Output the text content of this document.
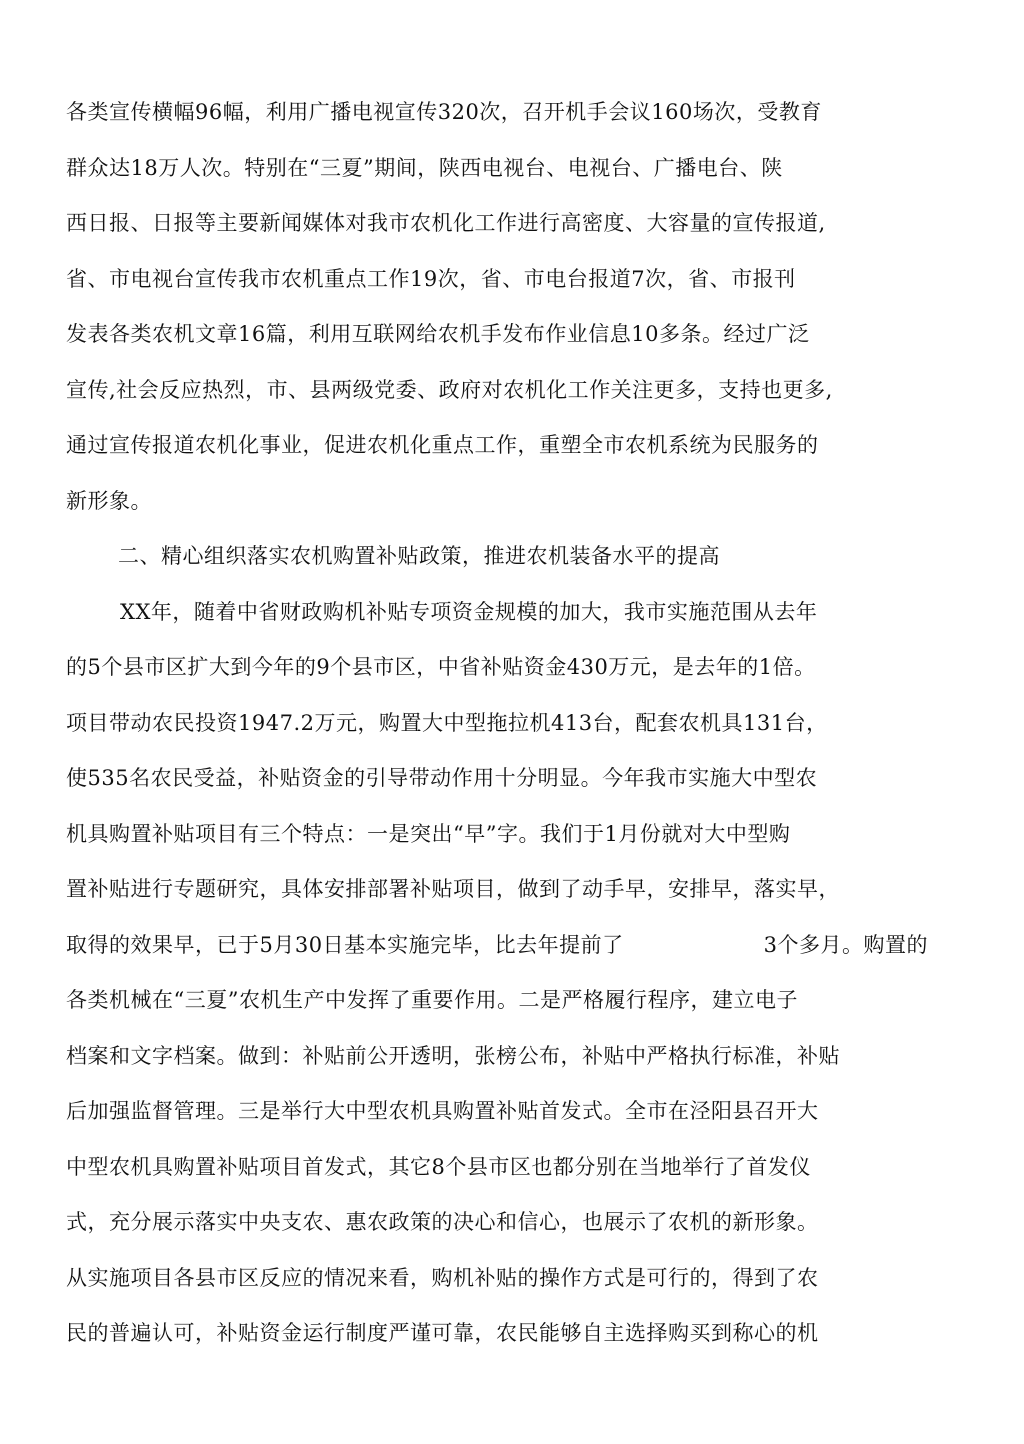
各类宣传横幅96幅，利用广播电视宣传320次，召开机手会议160场次，受教育
群众达18万人次。特别在“三夏”期间，陕西电视台、电视台、广播电台、陕
西日报、日报等主要新闻媒体对我市农机化工作进行高密度、大容量的宣传报道,
省、市电视台宣传我市农机重点工作19次，省、市电台报道7次，省、市报刊
发表各类农机文章16篇，利用互联网给农机手发布作业信息10多条。经过广泛
宣传,社会反应热烈，市、县两级党委、政府对农机化工作关注更多，支持也更多,
通过宣传报道农机化事业，促进农机化重点工作，重塑全市农机系统为民服务的
新形象。
二、精心组织落实农机购置补贴政策，推进农机装备水平的提高
XX年，随着中省财政购机补贴专项资金规模的加大，我市实施范围从去年
的5个县市区扩大到今年的9个县市区，中省补贴资金430万元，是去年的1倍。
项目带动农民投资1947.2万元，购置大中型拖拉机413台，配套农机具131台，
使535名农民受益，补贴资金的引导带动作用十分明显。今年我市实施大中型农
机具购置补贴项目有三个特点：一是突出“早”字。我们于1月份就对大中型购
置补贴进行专题研究，具体安排部署补贴项目，做到了动手早，安排早，落实早，
取得的效果早，已于5月30日基本实施完毕，比去年提前了	3个多月。购置的
各类机械在“三夏”农机生产中发挥了重要作用。二是严格履行程序，建立电子
档案和文字档案。做到：补贴前公开透明，张榜公布，补贴中严格执行标准，补贴
后加强监督管理。三是举行大中型农机具购置补贴首发式。全市在泾阳县召开大
中型农机具购置补贴项目首发式，其它8个县市区也都分别在当地举行了首发仪
式，充分展示落实中央支农、惠农政策的决心和信心，也展示了农机的新形象。
从实施项目各县市区反应的情况来看，购机补贴的操作方式是可行的，得到了农
民的普遍认可，补贴资金运行制度严谨可靠，农民能够自主选择购买到称心的机
